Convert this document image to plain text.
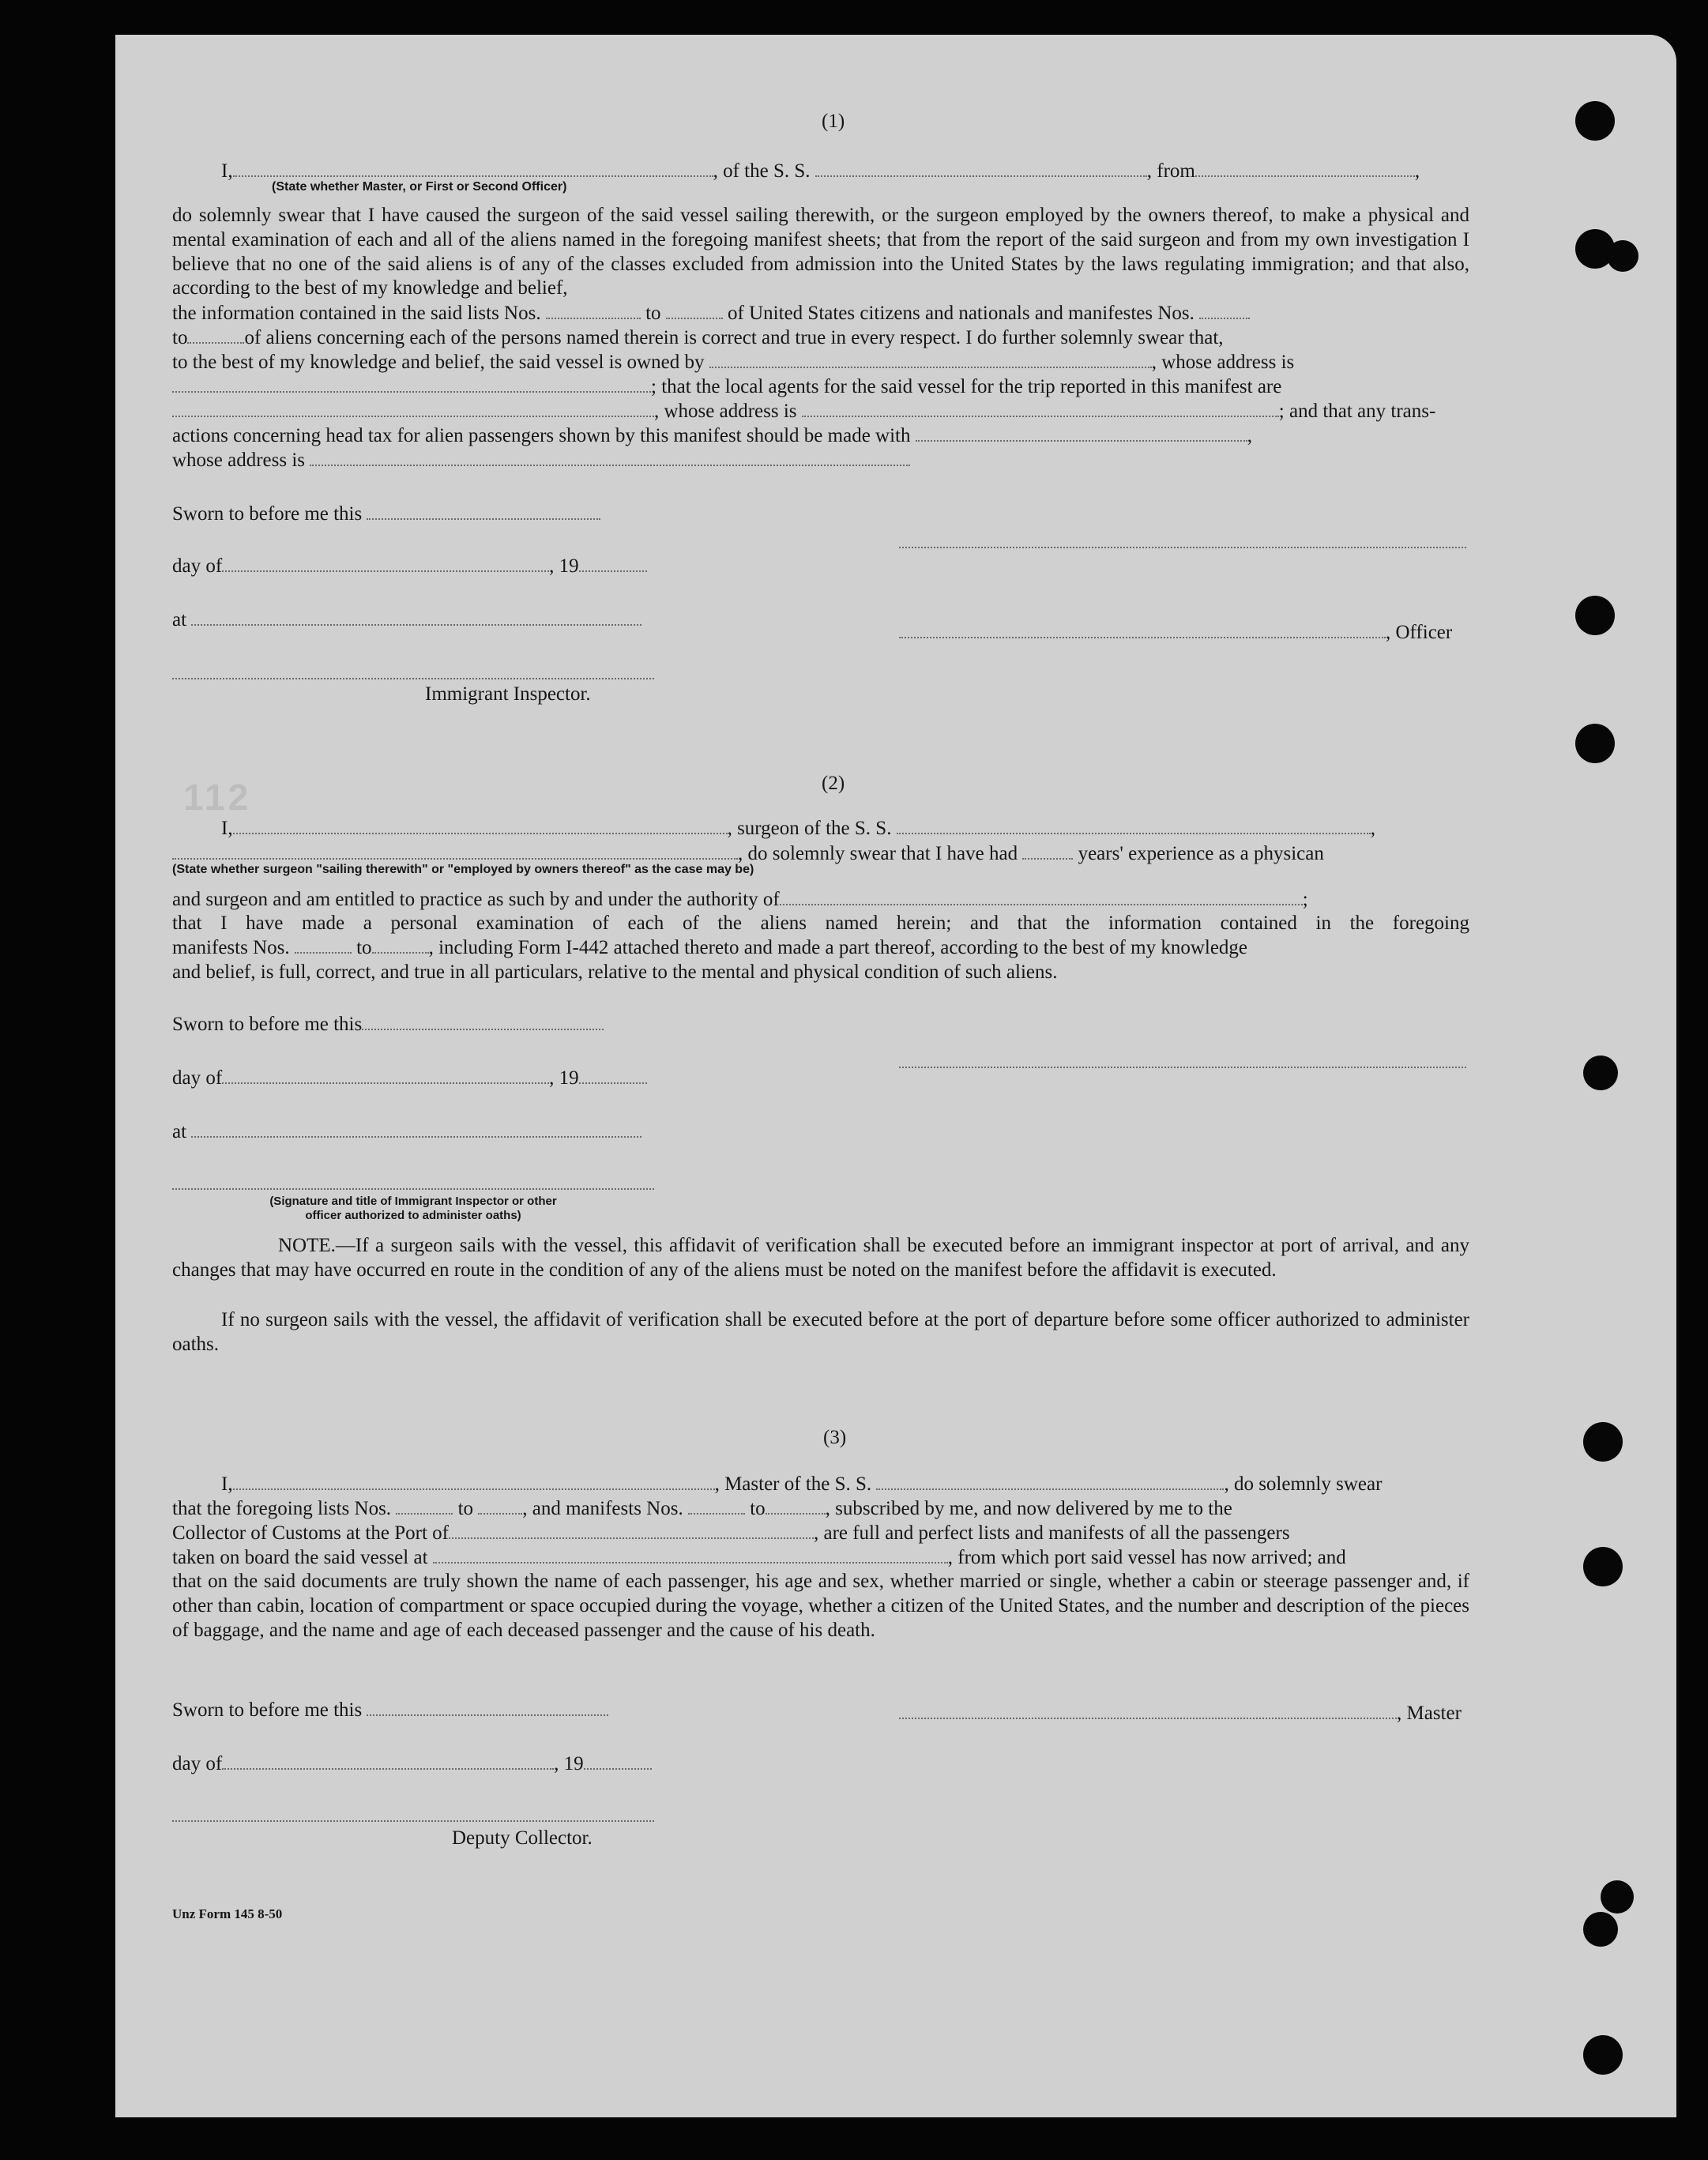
(1)
I,	, of the S. S.	, from	,
(State whether Master, or First or Second Officer)
do solemnly swear that I have caused the surgeon of the said vessel sailing therewith, or the surgeon employed by the owners thereof, to make a physical and mental examination of each and all of the aliens named in the foregoing manifest sheets; that from the report of the said surgeon and from my own investigation I believe that no one of the said aliens is of any of the classes excluded from admission into the United States by the laws regulating immigration; and that also, according to the best of my knowledge and belief,
the information contained in the said lists Nos.	to	of United States citizens and nationals and manifestes Nos.
to	of aliens concerning each of the persons named therein is correct and true in every respect. I do further solemnly swear that,
to the best of my knowledge and belief, the said vessel is owned by	, whose address is
; that the local agents for the said vessel for the trip reported in this manifest are
, whose address is	; and that any trans-
actions concerning head tax for alien passengers shown by this manifest should be made with	,
whose address is
Sworn to before me this
day of	, 19
at
, Officer
Immigrant Inspector.
112	(2)
I,	, surgeon of the S. S.	,
, do solemnly swear that I have had	years' experience as a physican
(State whether surgeon "sailing therewith" or "employed by owners thereof" as the case may be)
and surgeon and am entitled to practice as such by and under the authority of	;
that I have made a personal examination of each of the aliens named herein; and that the information contained in the foregoing
manifests Nos.	to	, including Form I-442 attached thereto and made a part thereof, according to the best of my knowledge
and belief, is full, correct, and true in all particulars, relative to the mental and physical condition of such aliens.
Sworn to before me this
day of	, 19
at
(Signature and title of Immigrant Inspector or other
officer authorized to administer oaths)
NOTE.—If a surgeon sails with the vessel, this affidavit of verification shall be executed before an immigrant inspector at port of arrival, and any changes that may have occurred en route in the condition of any of the aliens must be noted on the manifest before the affidavit is executed.
If no surgeon sails with the vessel, the affidavit of verification shall be executed before at the port of departure before some officer authorized to administer oaths.
(3)
I,	, Master of the S. S.	, do solemnly swear
that the foregoing lists Nos.	to , and manifests Nos.	to	, subscribed by me, and now delivered by me to the
Collector of Customs at the Port of	, are full and perfect lists and manifests of all the passengers
taken on board the said vessel at	, from which port said vessel has now arrived; and
that on the said documents are truly shown the name of each passenger, his age and sex, whether married or single, whether a cabin or steerage passenger and, if other than cabin, location of compartment or space occupied during the voyage, whether a citizen of the United States, and the number and description of the pieces of baggage, and the name and age of each deceased passenger and the cause of his death.
Sworn to before me this	, Master
day of	, 19
Deputy Collector.
Unz Form 145 8-50
